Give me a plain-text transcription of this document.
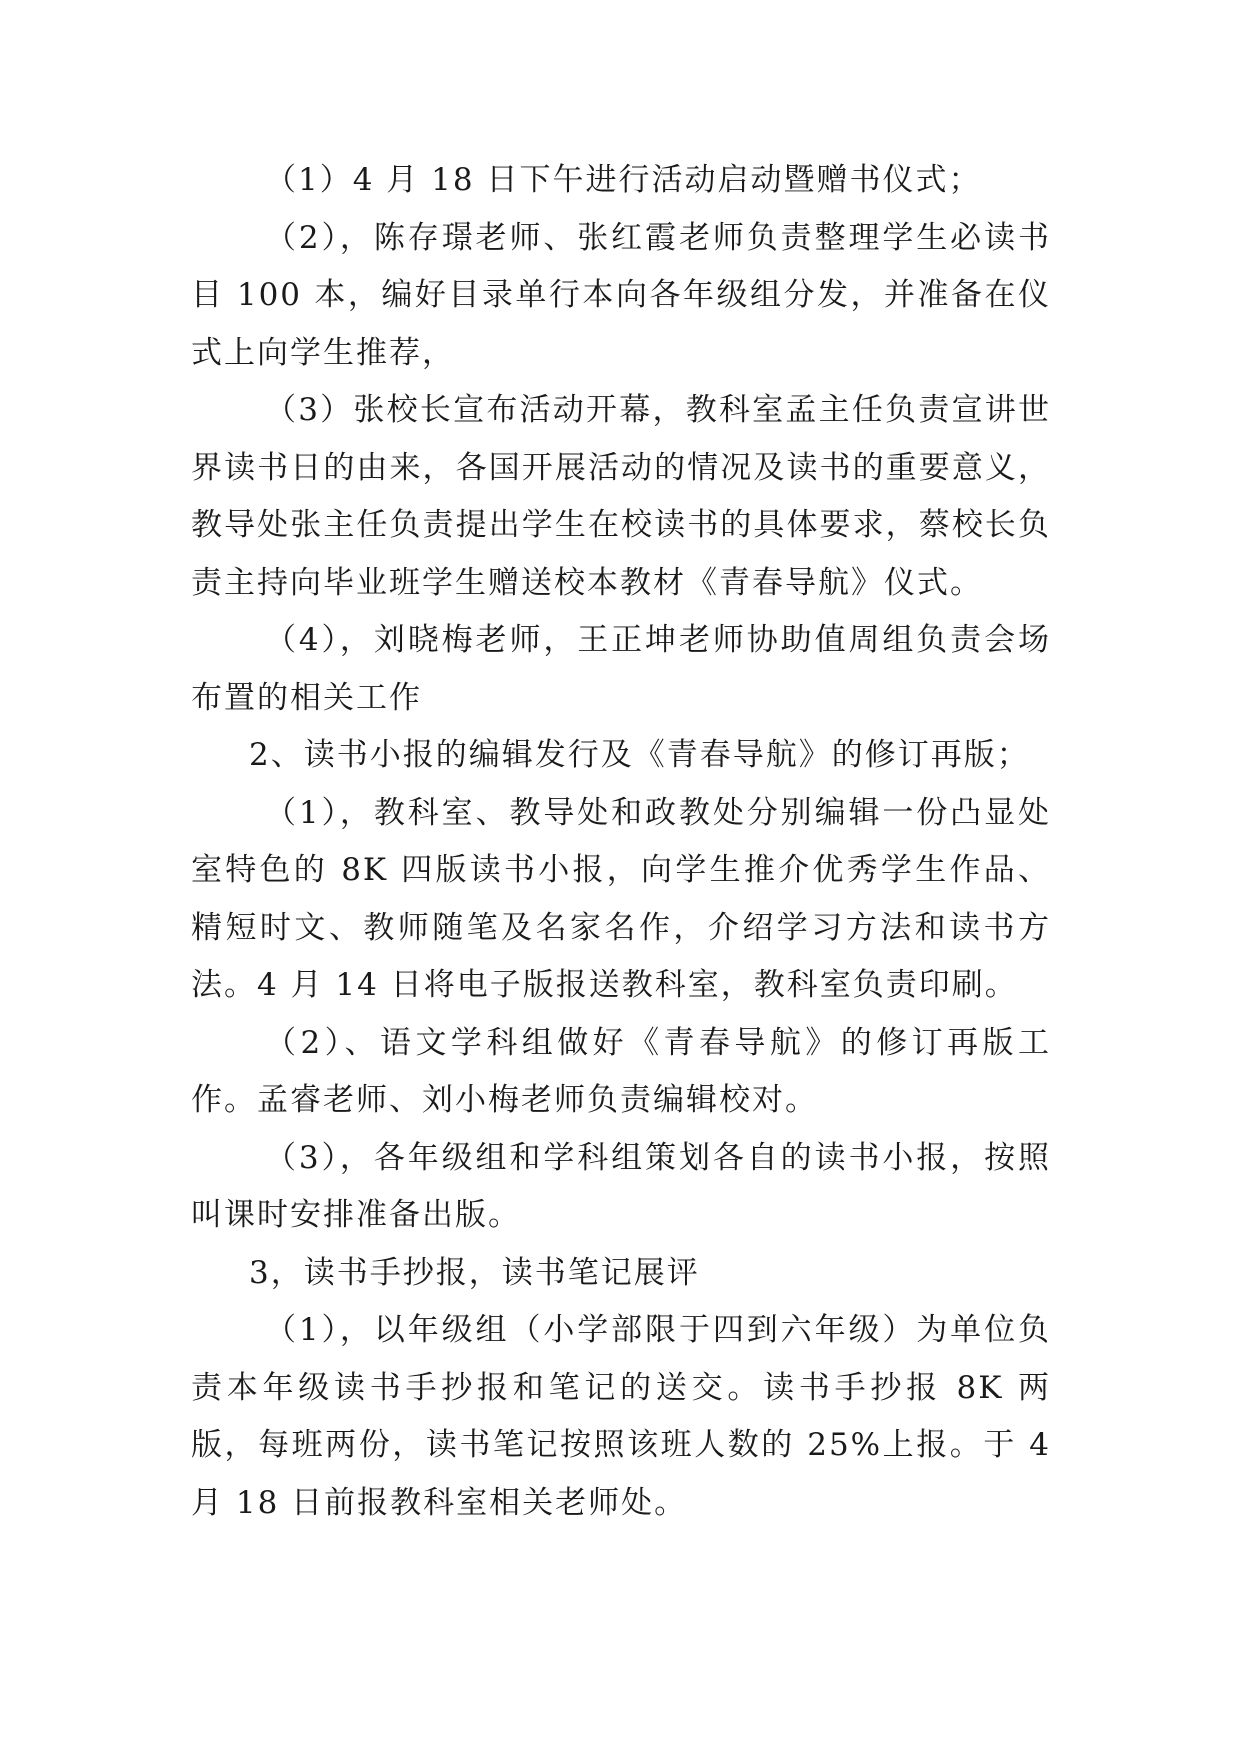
（1）4 月 18 日下午进行活动启动暨赠书仪式；

（2），陈存璟老师、张红霞老师负责整理学生必读书目 100 本，编好目录单行本向各年级组分发，并准备在仪式上向学生推荐，

（3）张校长宣布活动开幕，教科室孟主任负责宣讲世界读书日的由来，各国开展活动的情况及读书的重要意义，教导处张主任负责提出学生在校读书的具体要求，蔡校长负责主持向毕业班学生赠送校本教材《青春导航》仪式。

（4），刘晓梅老师，王正坤老师协助值周组负责会场布置的相关工作

2、读书小报的编辑发行及《青春导航》的修订再版；

（1），教科室、教导处和政教处分别编辑一份凸显处室特色的 8K 四版读书小报，向学生推介优秀学生作品、精短时文、教师随笔及名家名作，介绍学习方法和读书方法。4 月 14 日将电子版报送教科室，教科室负责印刷。

（2）、语文学科组做好《青春导航》的修订再版工作。孟睿老师、刘小梅老师负责编辑校对。

（3），各年级组和学科组策划各自的读书小报，按照叫课时安排准备出版。

3，读书手抄报，读书笔记展评

（1），以年级组（小学部限于四到六年级）为单位负责本年级读书手抄报和笔记的送交。读书手抄报 8K 两版，每班两份，读书笔记按照该班人数的 25%上报。于 4 月 18 日前报教科室相关老师处。
